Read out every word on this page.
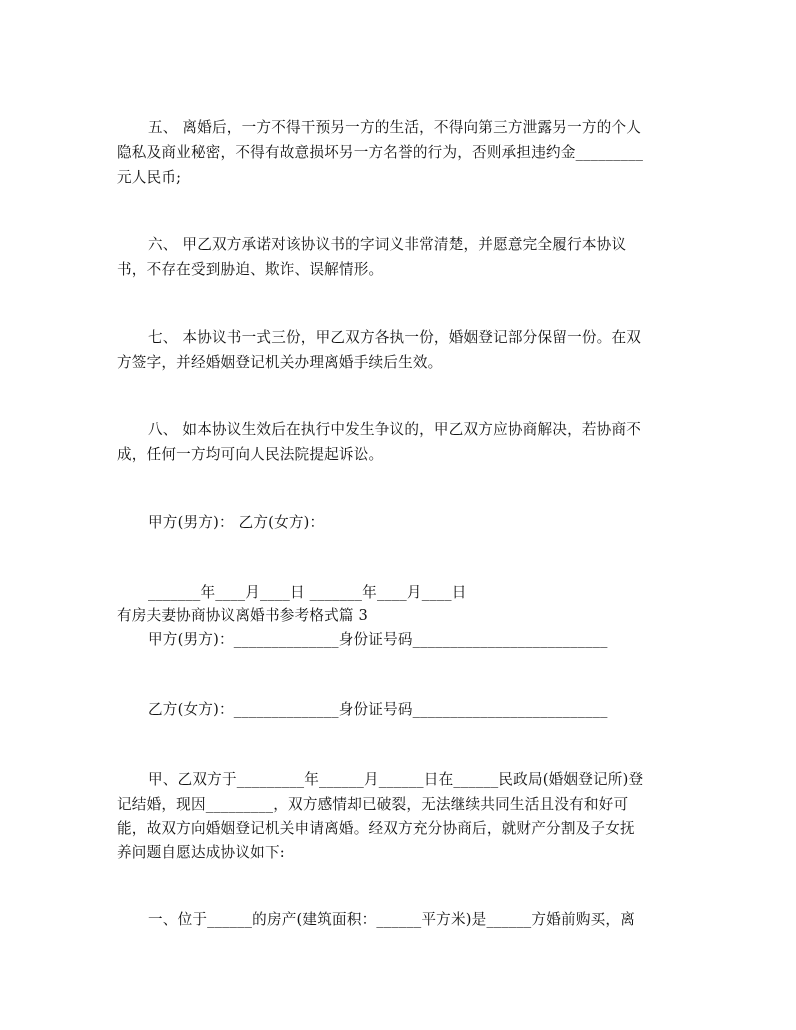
五、 离婚后，一方不得干预另一方的生活，不得向第三方泄露另一方的个人
隐私及商业秘密，不得有故意损坏另一方名誉的行为，否则承担违约金_________
元人民币;
六、 甲乙双方承诺对该协议书的字词义非常清楚，并愿意完全履行本协议
书，不存在受到胁迫、欺诈、误解情形。
七、 本协议书一式三份，甲乙双方各执一份，婚姻登记部分保留一份。在双
方签字，并经婚姻登记机关办理离婚手续后生效。
八、 如本协议生效后在执行中发生争议的，甲乙双方应协商解决，若协商不
成，任何一方均可向人民法院提起诉讼。
甲方(男方)： 乙方(女方)：
_______年____月____日 _______年____月____日
有房夫妻协商协议离婚书参考格式篇 3
甲方(男方)：______________身份证号码__________________________
乙方(女方)：______________身份证号码__________________________
甲、乙双方于_________年______月______日在______民政局(婚姻登记所)登
记结婚，现因_________，双方感情却已破裂，无法继续共同生活且没有和好可
能，故双方向婚姻登记机关申请离婚。经双方充分协商后，就财产分割及子女抚
养问题自愿达成协议如下:
一、位于______的房产(建筑面积：______平方米)是______方婚前购买，离
